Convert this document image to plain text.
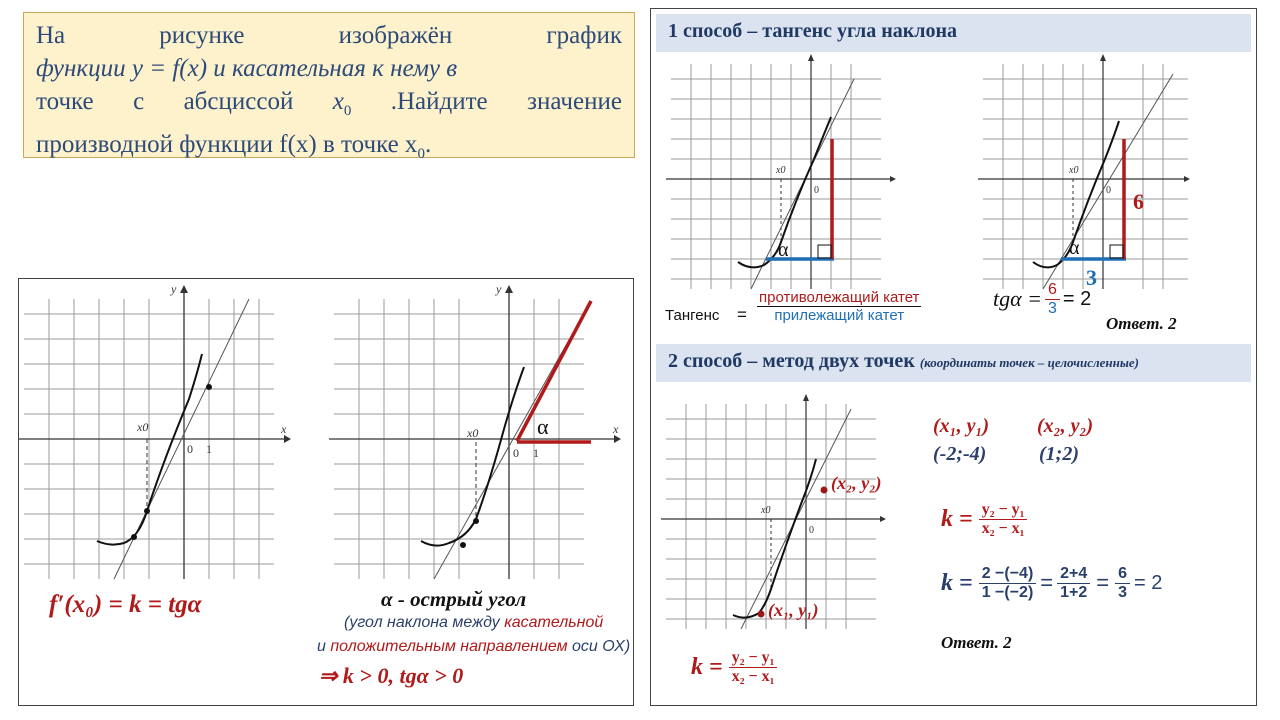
На	рисунке	изображён	график
функции y = f(x) и касательная к нему в
точке с абсциссой $x_0$ .Найдите значение
производной функции f(x) в точке $x_0$.
y
x
x0
0 1
y
x
x0
0 1
α
f′(x₀) = k = tgα	α - острый угол
(угол наклона между касательной
и положительным направлением оси ОХ)
⇒ k > 0, tgα > 0
1 способ – тангенс угла наклона
0
x0
α
0
x0
α
6
3
Тангенс =
противолежащий катет
прилежащий катет
$tg\alpha = \frac{6}{3} = 2$
Ответ. 2
2 способ – метод двух точек (координаты точек – целочисленные)
0
x0
(x₁, y₁)
(x₂, y₂)
$k = \frac{\text{y₂ − y₁}}{\text{x₂ − x₁}}$
(x₁, y₁) (x₂, y₂)
(-2;-4)	(1;2)
$k = \frac{\text{y₂ − y₁}}{\text{x₂ − x₁}}$
$k = \frac{2 -(-4)}{1 -(-2)} = \frac{2+4}{1+2} = \frac{6}{3} = 2$
Ответ. 2
